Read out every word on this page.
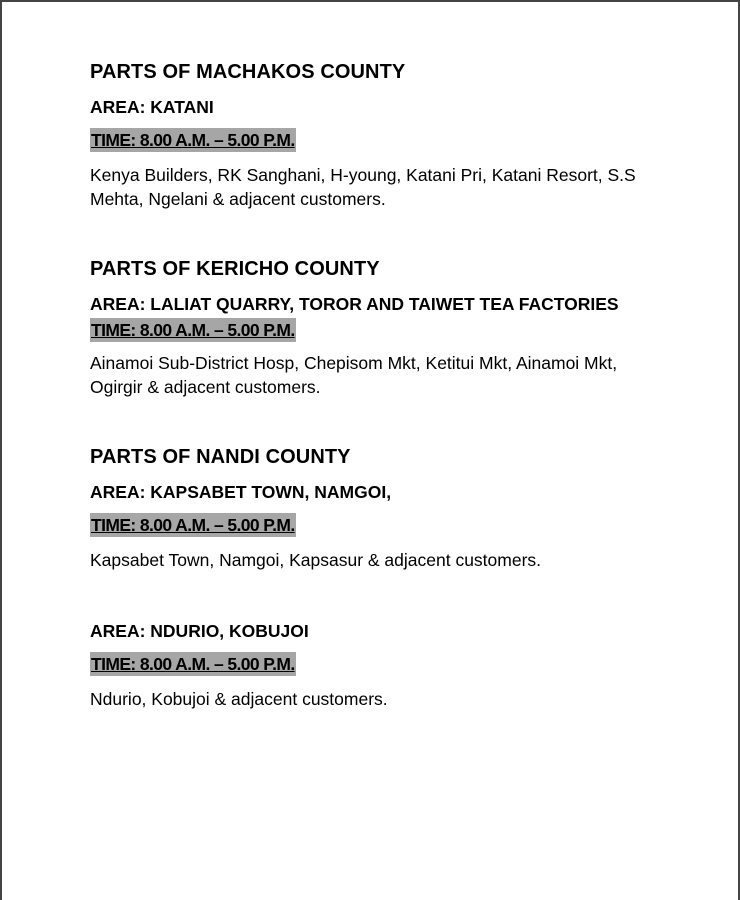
PARTS OF MACHAKOS COUNTY
AREA: KATANI
TIME: 8.00 A.M. – 5.00 P.M.

Kenya Builders, RK Sanghani, H-young, Katani Pri, Katani Resort, S.S Mehta, Ngelani & adjacent customers.

PARTS OF KERICHO COUNTY
AREA: LALIAT QUARRY, TOROR AND TAIWET TEA FACTORIES TIME: 8.00 A.M. – 5.00 P.M.

Ainamoi Sub-District Hosp, Chepisom Mkt, Ketitui Mkt, Ainamoi Mkt, Ogirgir & adjacent customers.

PARTS OF NANDI COUNTY
AREA: KAPSABET TOWN, NAMGOI,
TIME: 8.00 A.M. – 5.00 P.M.

Kapsabet Town, Namgoi, Kapsasur & adjacent customers.

AREA: NDURIO, KOBUJOI
TIME: 8.00 A.M. – 5.00 P.M.

Ndurio, Kobujoi & adjacent customers.
